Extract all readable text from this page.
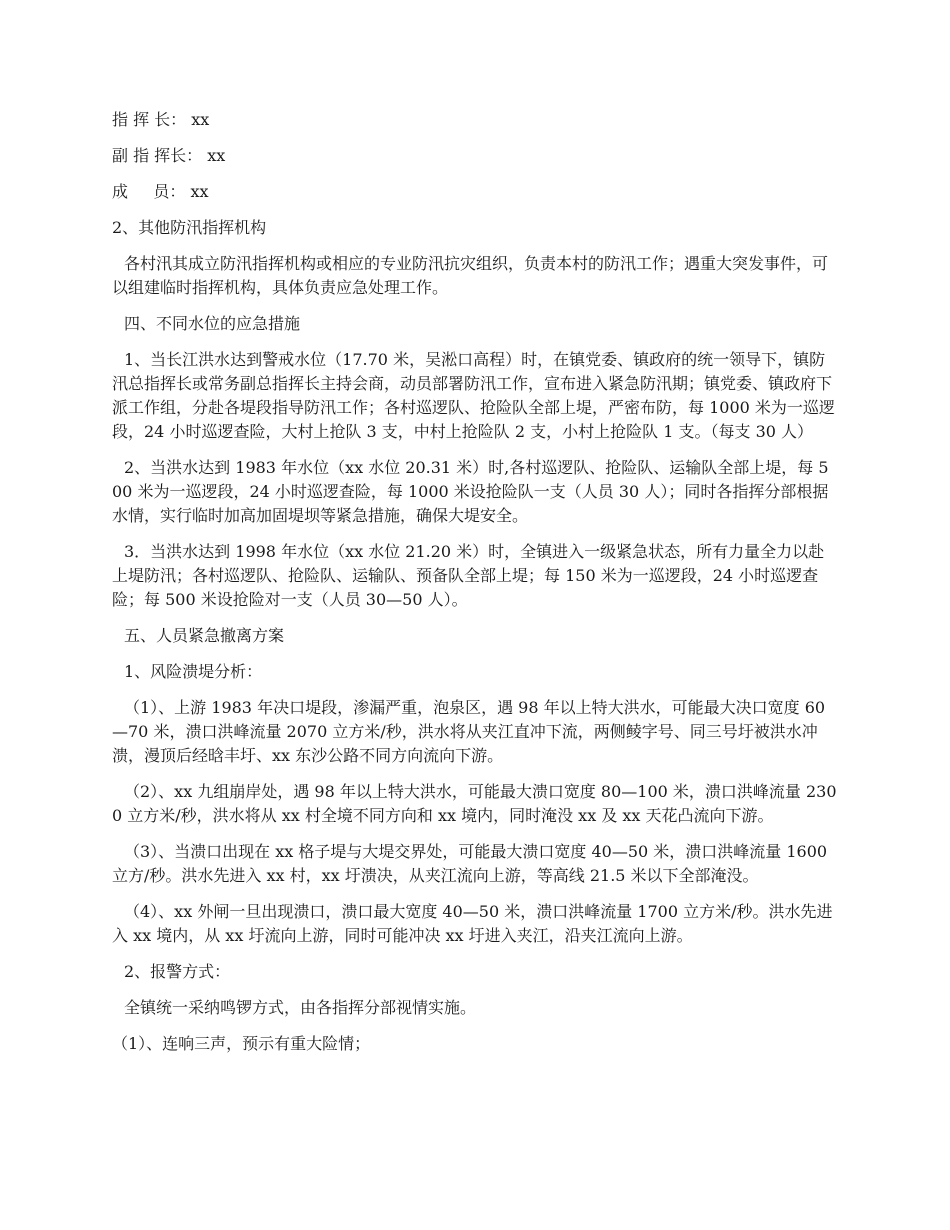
指 挥 长： xx

副 指 挥长： xx

成     员： xx

2、其他防汛指挥机构

各村汛其成立防汛指挥机构或相应的专业防汛抗灾组织，负责本村的防汛工作；遇重大突发事件，可以组建临时指挥机构，具体负责应急处理工作。

四、不同水位的应急措施

1、当长江洪水达到警戒水位（17.70 米，吴淞口高程）时，在镇党委、镇政府的统一领导下，镇防汛总指挥长或常务副总指挥长主持会商，动员部署防汛工作，宣布进入紧急防汛期；镇党委、镇政府下派工作组，分赴各堤段指导防汛工作；各村巡逻队、抢险队全部上堤，严密布防，每 1000 米为一巡逻段，24 小时巡逻查险，大村上抢队 3 支，中村上抢险队 2 支，小村上抢险队 1 支。（每支 30 人）

2、当洪水达到 1983 年水位（xx 水位 20.31 米）时,各村巡逻队、抢险队、运输队全部上堤，每 500 米为一巡逻段，24 小时巡逻查险，每 1000 米设抢险队一支（人员 30 人）；同时各指挥分部根据水情，实行临时加高加固堤坝等紧急措施，确保大堤安全。

3．当洪水达到 1998 年水位（xx 水位 21.20 米）时，全镇进入一级紧急状态，所有力量全力以赴上堤防汛；各村巡逻队、抢险队、运输队、预备队全部上堤；每 150 米为一巡逻段，24 小时巡逻查险；每 500 米设抢险对一支（人员 30—50 人）。

五、人员紧急撤离方案

1、风险溃堤分析：

（1）、上游 1983 年决口堤段，渗漏严重，泡泉区，遇 98 年以上特大洪水，可能最大决口宽度 60—70 米，溃口洪峰流量 2070 立方米/秒，洪水将从夹江直冲下流，两侧鲮字号、同三号圩被洪水冲溃，漫顶后经晗丰圩、xx 东沙公路不同方向流向下游。

（2）、xx 九组崩岸处，遇 98 年以上特大洪水，可能最大溃口宽度 80—100 米，溃口洪峰流量 2300 立方米/秒，洪水将从 xx 村全境不同方向和 xx 境内，同时淹没 xx 及 xx 天花凸流向下游。

（3）、当溃口出现在 xx 格子堤与大堤交界处，可能最大溃口宽度 40—50 米，溃口洪峰流量 1600 立方/秒。洪水先进入 xx 村，xx 圩溃决，从夹江流向上游，等高线 21.5 米以下全部淹没。

（4）、xx 外闸一旦出现溃口，溃口最大宽度 40—50 米，溃口洪峰流量 1700 立方米/秒。洪水先进入 xx 境内，从 xx 圩流向上游，同时可能冲决 xx 圩进入夹江，沿夹江流向上游。

2、报警方式：

全镇统一采纳鸣锣方式，由各指挥分部视情实施。

（1）、连响三声，预示有重大险情；
